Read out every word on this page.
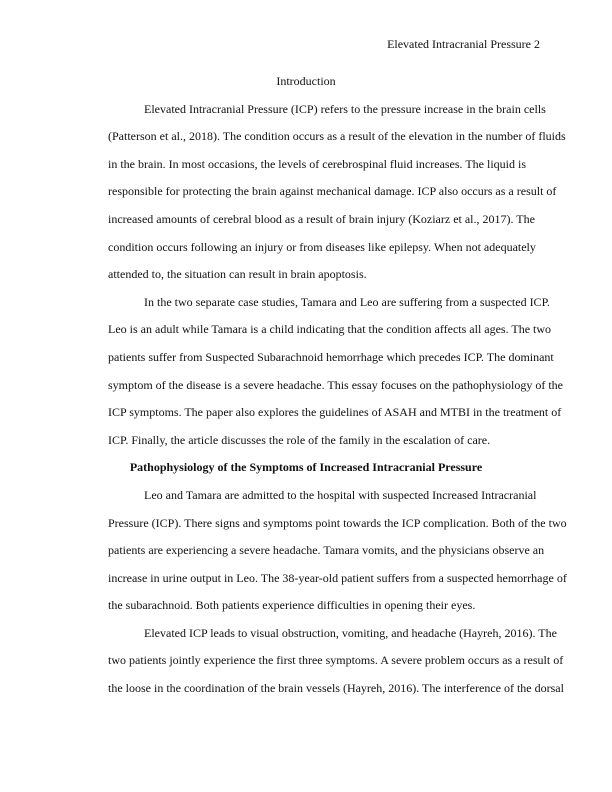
Elevated Intracranial Pressure 2
Introduction
Elevated Intracranial Pressure (ICP) refers to the pressure increase in the brain cells
(Patterson et al., 2018). The condition occurs as a result of the elevation in the number of fluids
in the brain. In most occasions, the levels of cerebrospinal fluid increases. The liquid is
responsible for protecting the brain against mechanical damage. ICP also occurs as a result of
increased amounts of cerebral blood as a result of brain injury (Koziarz et al., 2017). The
condition occurs following an injury or from diseases like epilepsy. When not adequately
attended to, the situation can result in brain apoptosis.
In the two separate case studies, Tamara and Leo are suffering from a suspected ICP.
Leo is an adult while Tamara is a child indicating that the condition affects all ages. The two
patients suffer from Suspected Subarachnoid hemorrhage which precedes ICP. The dominant
symptom of the disease is a severe headache. This essay focuses on the pathophysiology of the
ICP symptoms. The paper also explores the guidelines of ASAH and MTBI in the treatment of
ICP. Finally, the article discusses the role of the family in the escalation of care.
Pathophysiology of the Symptoms of Increased Intracranial Pressure
Leo and Tamara are admitted to the hospital with suspected Increased Intracranial
Pressure (ICP). There signs and symptoms point towards the ICP complication. Both of the two
patients are experiencing a severe headache. Tamara vomits, and the physicians observe an
increase in urine output in Leo. The 38-year-old patient suffers from a suspected hemorrhage of
the subarachnoid. Both patients experience difficulties in opening their eyes.
Elevated ICP leads to visual obstruction, vomiting, and headache (Hayreh, 2016). The
two patients jointly experience the first three symptoms. A severe problem occurs as a result of
the loose in the coordination of the brain vessels (Hayreh, 2016). The interference of the dorsal
